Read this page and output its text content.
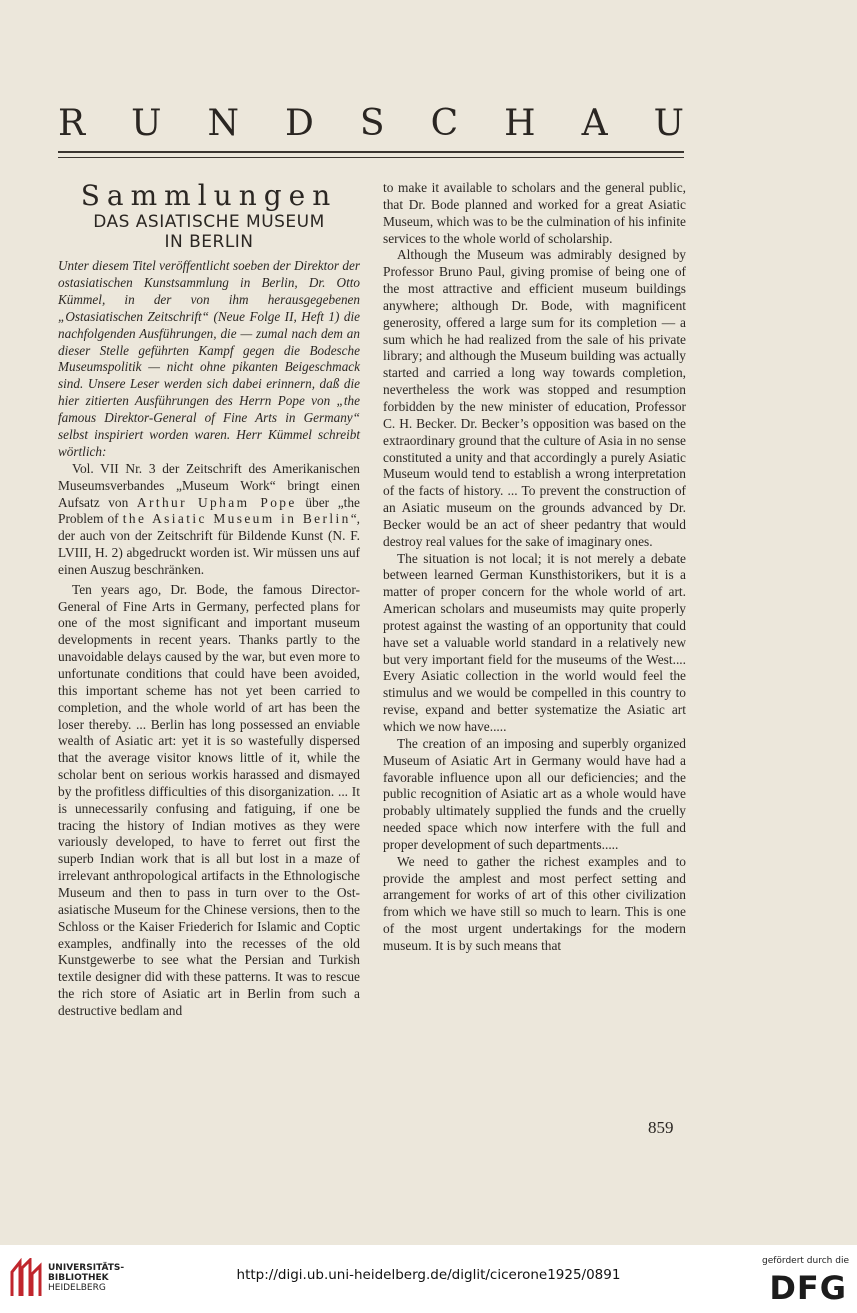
R U N D S C H A U
Sammlungen
DAS ASIATISCHE MUSEUM
IN BERLIN

Unter diesem Titel veröffentlicht soeben der Direktor der ostasiatischen Kunstsammlung in Berlin, Dr. Otto Kümmel, in der von ihm herausgegebenen „Ostasiatischen Zeitschrift“ (Neue Folge II, Heft 1) die nachfolgenden Ausführungen, die — zumal nach dem an dieser Stelle geführten Kampf gegen die Bodesche Museumspolitik — nicht ohne pikanten Beigeschmack sind. Unsere Leser werden sich dabei erinnern, daß die hier zitierten Ausführungen des Herrn Pope von „the famous Direktor-General of Fine Arts in Germany“ selbst inspiriert worden waren. Herr Kümmel schreibt wörtlich:

Vol. VII Nr. 3 der Zeitschrift des Amerikanischen Museumsverbandes „Museum Work“ bringt einen Aufsatz von Arthur Upham Pope über „the Problem of the Asiatic Museum in Berlin“, der auch von der Zeitschrift für Bildende Kunst (N. F. LVIII, H. 2) abgedruckt worden ist. Wir müssen uns auf einen Auszug beschränken.

Ten years ago, Dr. Bode, the famous Director-General of Fine Arts in Germany, perfected plans for one of the most significant and important museum developments in recent years. Thanks partly to the unavoidable delays caused by the war, but even more to unfortunate conditions that could have been avoided, this important scheme has not yet been carried to completion, and the whole world of art has been the loser thereby. ... Berlin has long possessed an enviable wealth of Asiatic art: yet it is so wastefully dispersed that the average visitor knows little of it, while the scholar bent on serious workis harassed and dismayed by the profitless difficulties of this disorganization. ... It is unnecessarily confusing and fatiguing, if one be tracing the history of Indian motives as they were variously developed, to have to ferret out first the superb Indian work that is all but lost in a maze of irrelevant anthropological artifacts in the Ethnologische Museum and then to pass in turn over to the Ost-asiatische Museum for the Chinese versions, then to the Schloss or the Kaiser Friederich for Islamic and Coptic examples, andfinally into the recesses of the old Kunstgewerbe to see what the Persian and Turkish textile designer did with these patterns. It was to rescue the rich store of Asiatic art in Berlin from such a destructive bedlam and

to make it available to scholars and the general public, that Dr. Bode planned and worked for a great Asiatic Museum, which was to be the culmination of his infinite services to the whole world of scholarship.

Although the Museum was admirably designed by Professor Bruno Paul, giving promise of being one of the most attractive and efficient museum buildings anywhere; although Dr. Bode, with magnificent generosity, offered a large sum for its completion — a sum which he had realized from the sale of his private library; and although the Museum building was actually started and carried a long way towards completion, nevertheless the work was stopped and resumption forbidden by the new minister of education, Professor C. H. Becker. Dr. Becker’s opposition was based on the extraordinary ground that the culture of Asia in no sense constituted a unity and that accordingly a purely Asiatic Museum would tend to establish a wrong interpretation of the facts of history. ... To prevent the construction of an Asiatic museum on the grounds advanced by Dr. Becker would be an act of sheer pedantry that would destroy real values for the sake of imaginary ones.

The situation is not local; it is not merely a debate between learned German Kunsthistorikers, but it is a matter of proper concern for the whole world of art. American scholars and museumists may quite properly protest against the wasting of an opportunity that could have set a valuable world standard in a relatively new but very important field for the museums of the West.... Every Asiatic collection in the world would feel the stimulus and we would be compelled in this country to revise, expand and better systematize the Asiatic art which we now have.....

The creation of an imposing and superbly organized Museum of Asiatic Art in Germany would have had a favorable influence upon all our deficiencies; and the public recognition of Asiatic art as a whole would have probably ultimately supplied the funds and the cruelly needed space which now interfere with the full and proper development of such departments.....

We need to gather the richest examples and to provide the amplest and most perfect setting and arrangement for works of art of this other civilization from which we have still so much to learn. This is one of the most urgent undertakings for the modern museum. It is by such means that

859
UNIVERSITÄTS-
BIBLIOTHEK
HEIDELBERG
http://digi.ub.uni-heidelberg.de/diglit/cicerone1925/0891
gefördert durch die
DFG
